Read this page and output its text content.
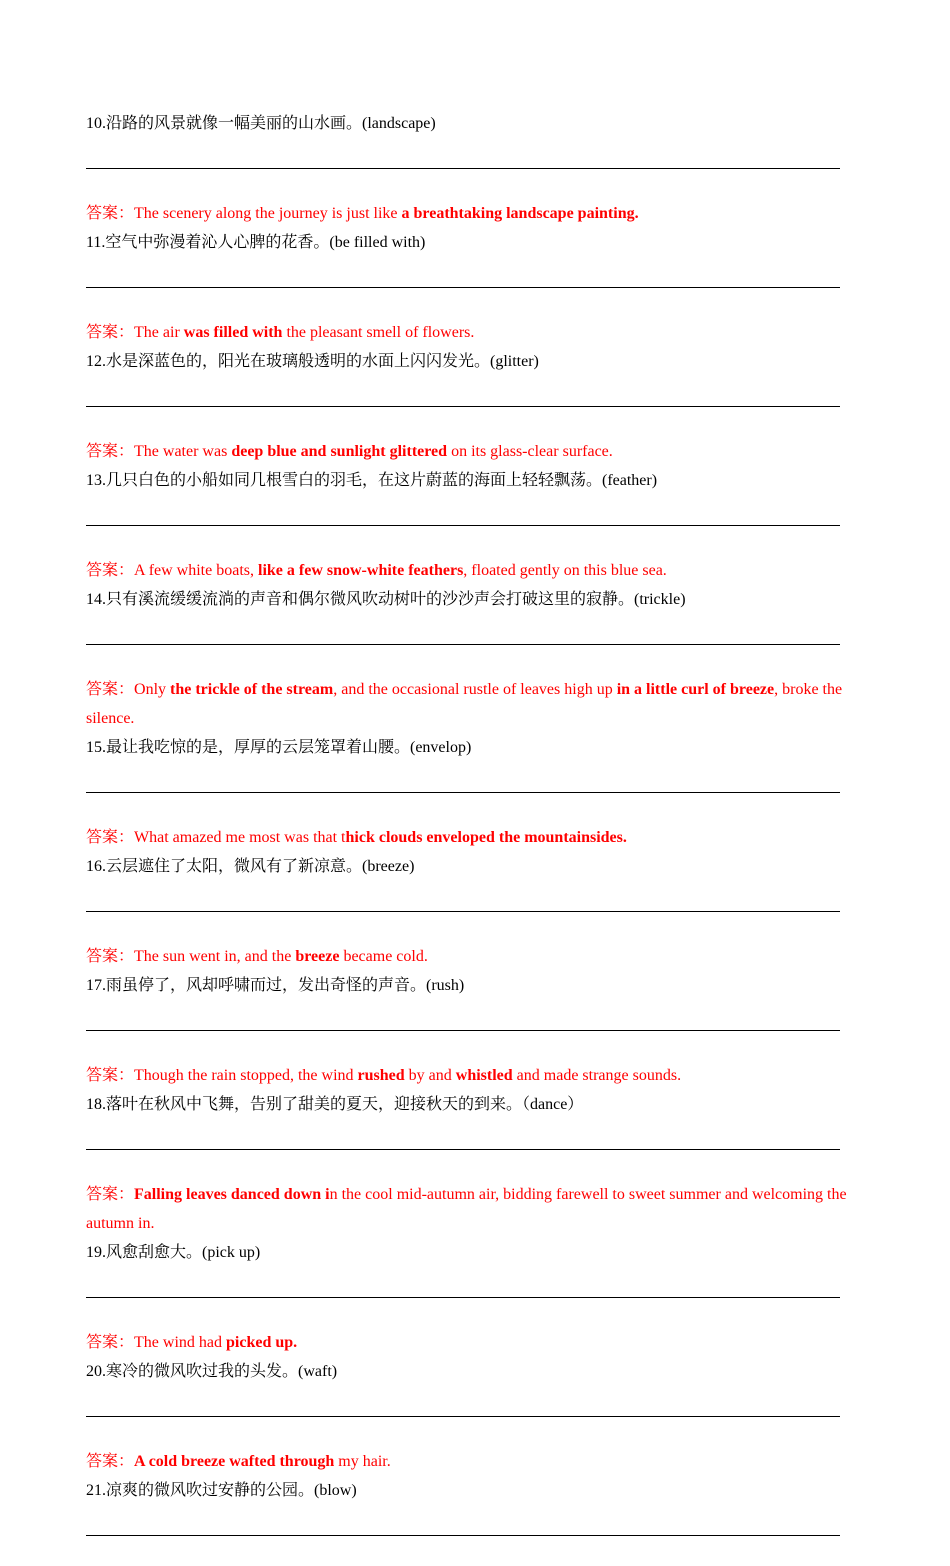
10.沿路的风景就像一幅美丽的山水画。(landscape)
答案：The scenery along the journey is just like a breathtaking landscape painting.
11.空气中弥漫着沁人心脾的花香。(be filled with)
答案：The air was filled with the pleasant smell of flowers.
12.水是深蓝色的，阳光在玻璃般透明的水面上闪闪发光。(glitter)
答案：The water was deep blue and sunlight glittered on its glass-clear surface.
13.几只白色的小船如同几根雪白的羽毛，在这片蔚蓝的海面上轻轻飘荡。(feather)
答案：A few white boats, like a few snow-white feathers, floated gently on this blue sea.
14.只有溪流缓缓流淌的声音和偶尔微风吹动树叶的沙沙声会打破这里的寂静。(trickle)
答案：Only the trickle of the stream, and the occasional rustle of leaves high up in a little curl of breeze, broke the silence.
15.最让我吃惊的是，厚厚的云层笼罩着山腰。(envelop)
答案：What amazed me most was that thick clouds enveloped the mountainsides.
16.云层遮住了太阳，微风有了新凉意。(breeze)
答案：The sun went in, and the breeze became cold.
17.雨虽停了，风却呼啸而过，发出奇怪的声音。(rush)
答案：Though the rain stopped, the wind rushed by and whistled and made strange sounds.
18.落叶在秋风中飞舞，告别了甜美的夏天，迎接秋天的到来。（dance）
答案：Falling leaves danced down in the cool mid-autumn air, bidding farewell to sweet summer and welcoming the autumn in.
19.风愈刮愈大。(pick up)
答案：The wind had picked up.
20.寒冷的微风吹过我的头发。(waft)
答案：A cold breeze wafted through my hair.
21.凉爽的微风吹过安静的公园。(blow)
